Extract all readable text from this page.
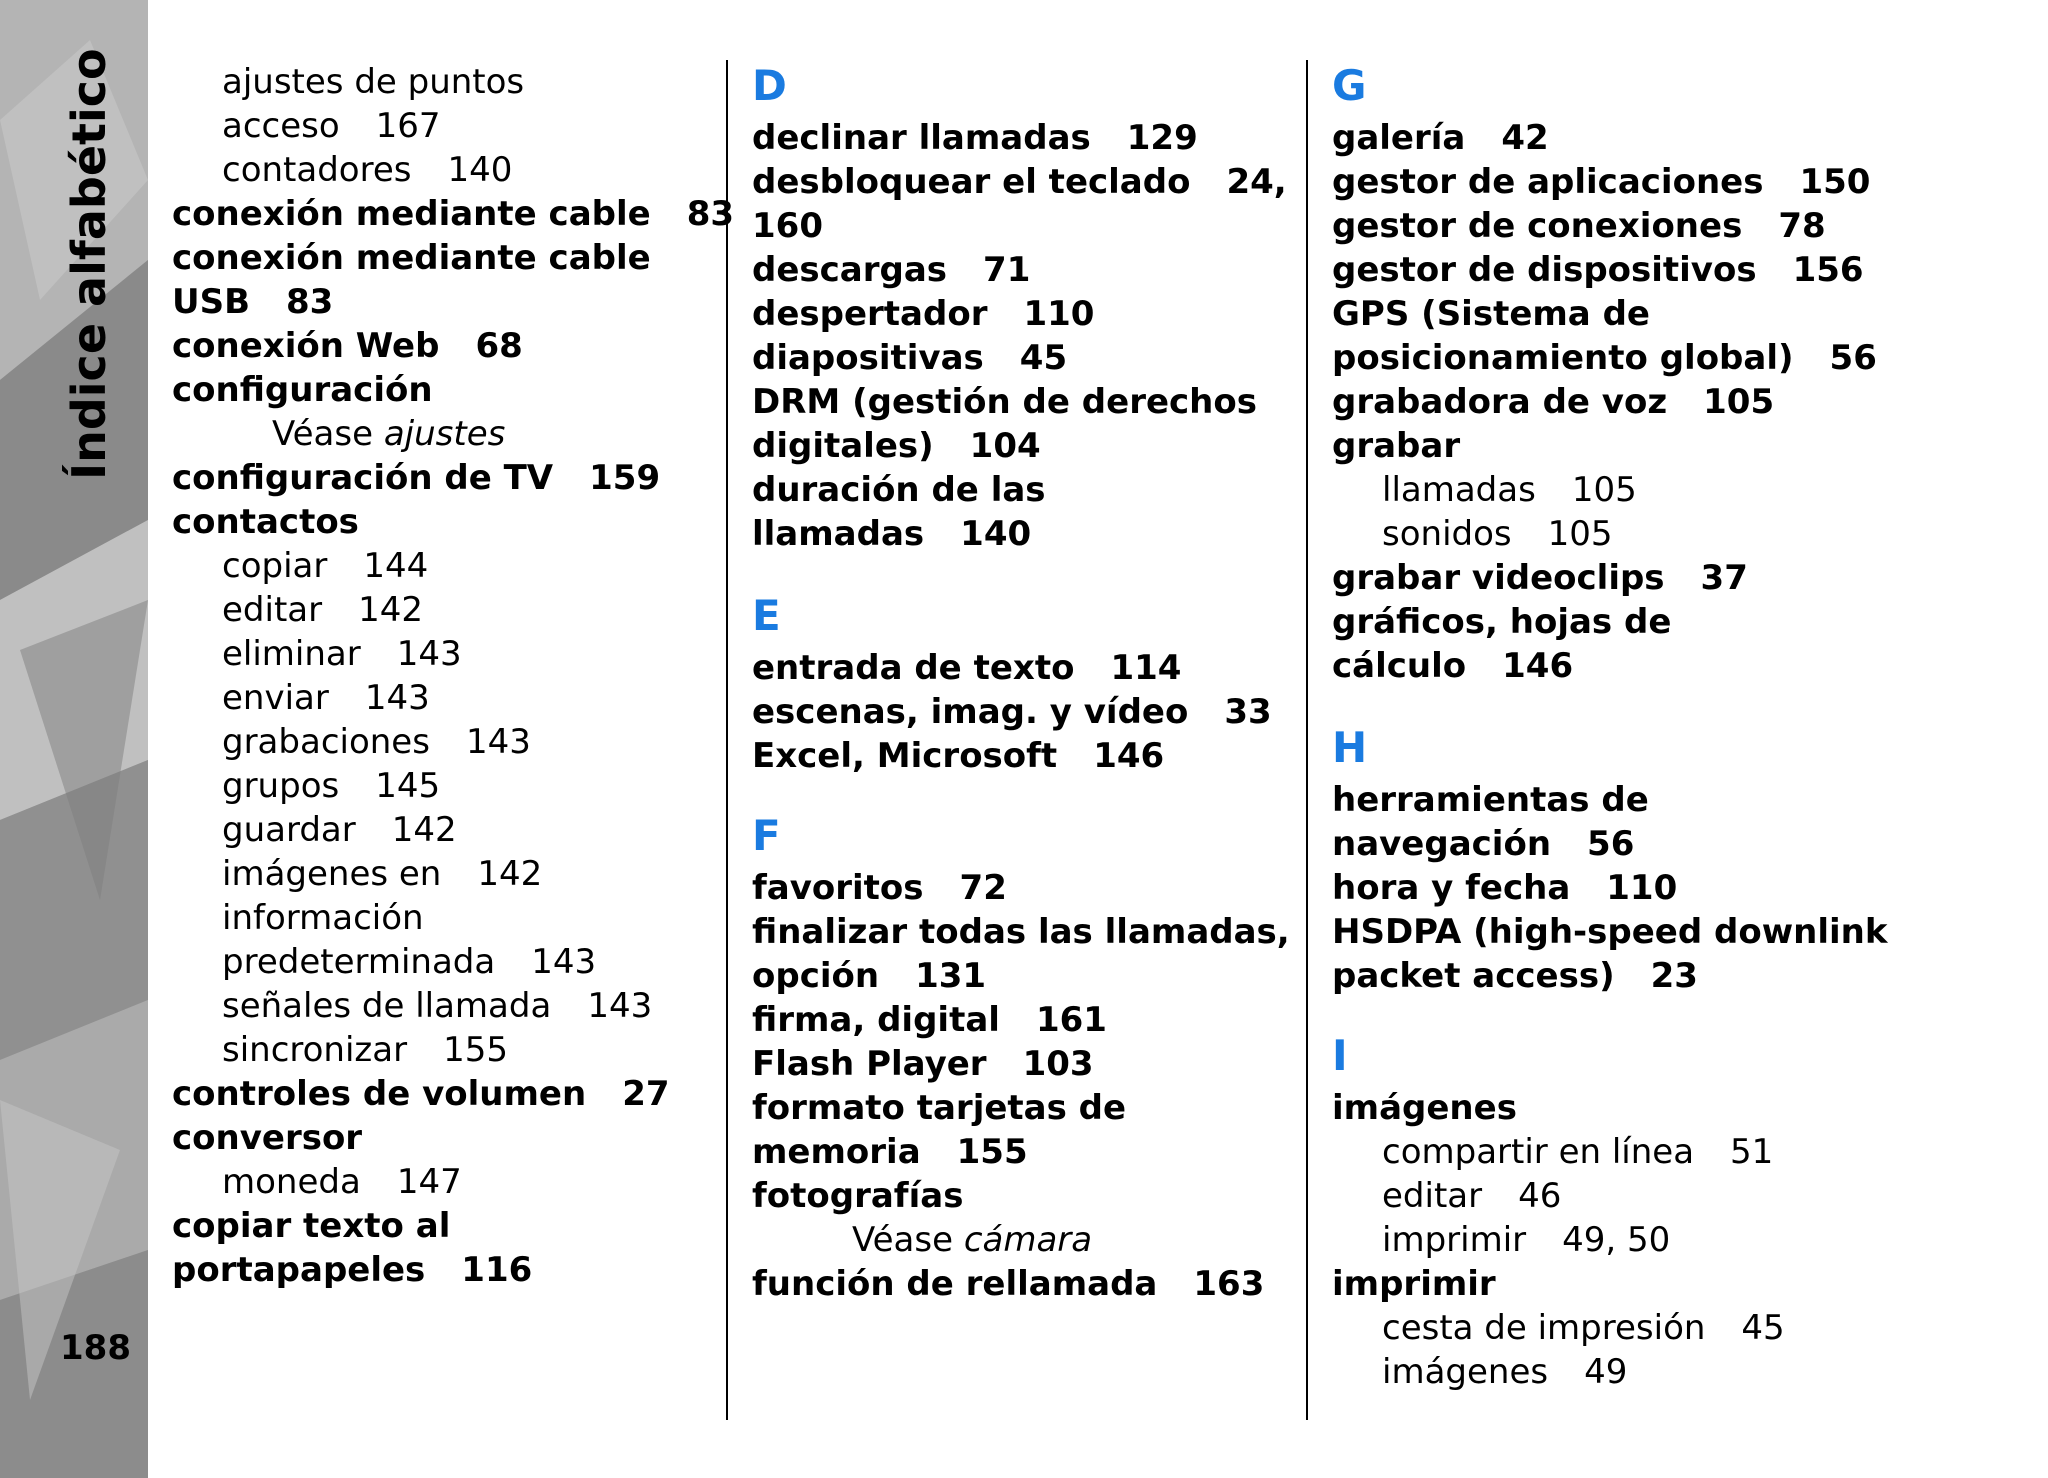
Índice alfabético
188
ajustes de puntos
acceso 167
contadores 140
conexión mediante cable 83
conexión mediante cable
USB 83
conexión Web 68
configuración
Véase ajustes
configuración de TV 159
contactos
copiar 144
editar 142
eliminar 143
enviar 143
grabaciones 143
grupos 145
guardar 142
imágenes en 142
información
predeterminada 143
señales de llamada 143
sincronizar 155
controles de volumen 27
conversor
moneda 147
copiar texto al
portapapeles 116
D
declinar llamadas 129
desbloquear el teclado 24,
160
descargas 71
despertador 110
diapositivas 45
DRM (gestión de derechos
digitales) 104
duración de las
llamadas 140
E
entrada de texto 114
escenas, imag. y vídeo 33
Excel, Microsoft 146
F
favoritos 72
finalizar todas las llamadas,
opción 131
firma, digital 161
Flash Player 103
formato tarjetas de
memoria 155
fotografías
Véase cámara
función de rellamada 163
G
galería 42
gestor de aplicaciones 150
gestor de conexiones 78
gestor de dispositivos 156
GPS (Sistema de
posicionamiento global) 56
grabadora de voz 105
grabar
llamadas 105
sonidos 105
grabar videoclips 37
gráficos, hojas de
cálculo 146
H
herramientas de
navegación 56
hora y fecha 110
HSDPA (high-speed downlink
packet access) 23
I
imágenes
compartir en línea 51
editar 46
imprimir 49, 50
imprimir
cesta de impresión 45
imágenes 49
